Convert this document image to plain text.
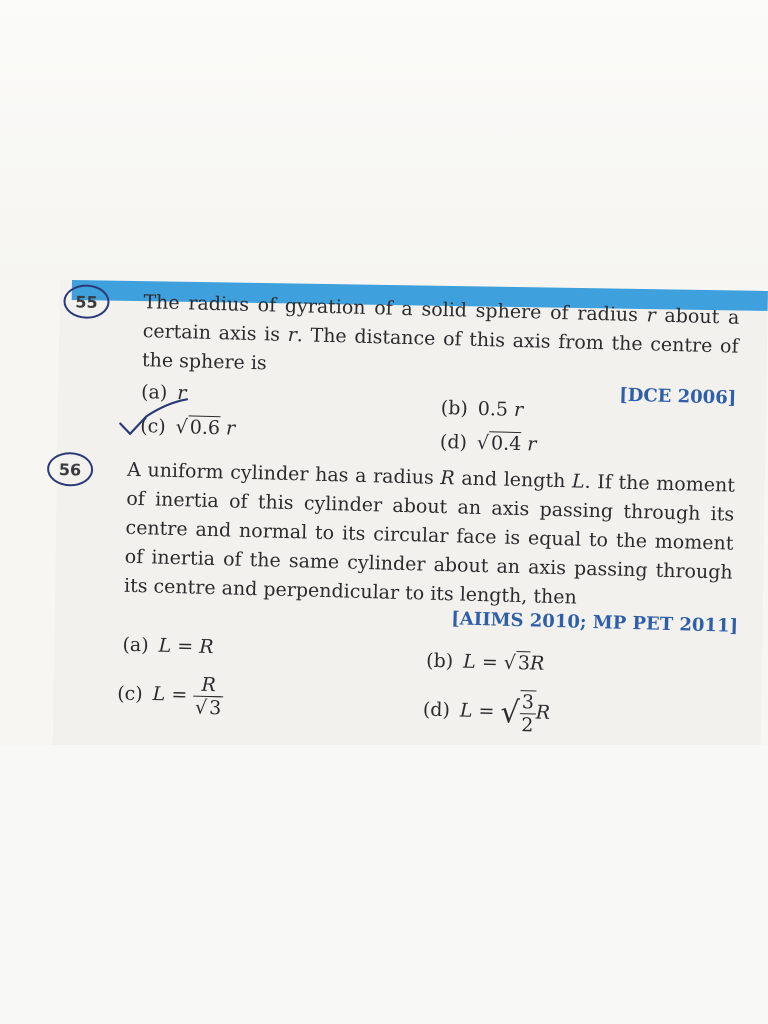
55 The radius of gyration of a solid sphere of radius r about a certain axis is r. The distance of this axis from the centre of the sphere is
[DCE 2006]
(a) r
(b) 0.5 r
(c) √0.6 r
(d) √0.4 r
56 A uniform cylinder has a radius R and length L. If the moment of inertia of this cylinder about an axis passing through its centre and normal to its circular face is equal to the moment of inertia of the same cylinder about an axis passing through its centre and perpendicular to its length, then
[AIIMS 2010; MP PET 2011]
(a) L = R
(b) L = √3R
(c) $L = \frac{R}{√3}$	(d) L = √
$\frac{3}{2}$ R
